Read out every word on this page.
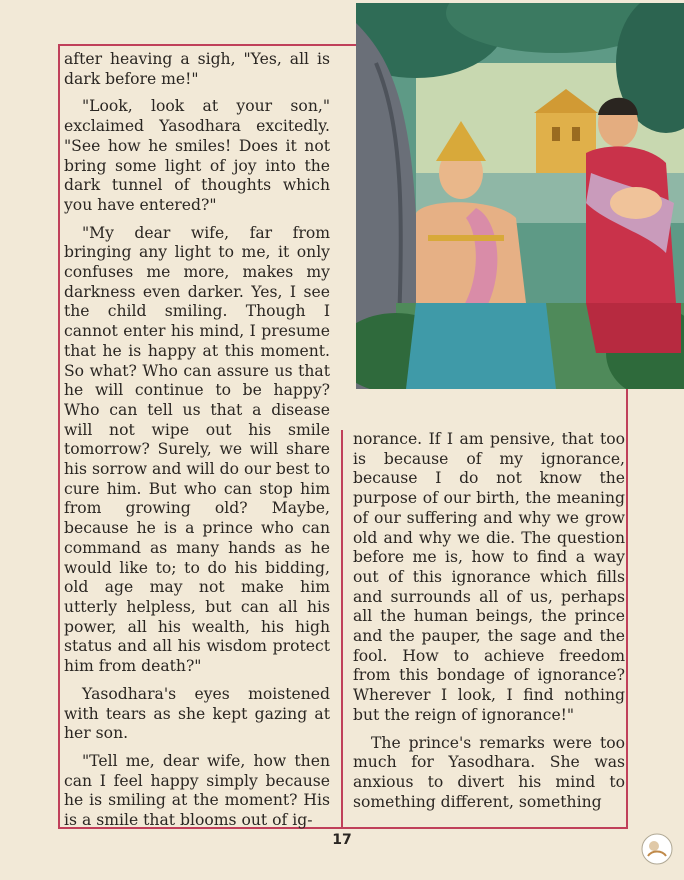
after heaving a sigh, "Yes, all is dark before me!"

"Look, look at your son," exclaimed Yasodhara excitedly. "See how he smiles! Does it not bring some light of joy into the dark tunnel of thoughts which you have entered?"

"My dear wife, far from bringing any light to me, it only confuses me more, makes my darkness even darker. Yes, I see the child smiling. Though I cannot enter his mind, I presume that he is happy at this moment. So what? Who can assure us that he will continue to be happy? Who can tell us that a disease will not wipe out his smile tomorrow? Surely, we will share his sorrow and will do our best to cure him. But who can stop him from growing old? Maybe, because he is a prince who can command as many hands as he would like to; to do his bidding, old age may not make him utterly helpless, but can all his power, all his wealth, his high status and all his wisdom protect him from death?"

Yasodhara's eyes moistened with tears as she kept gazing at her son.

"Tell me, dear wife, how then can I feel happy simply because he is smiling at the moment? His is a smile that blooms out of ig-

norance. If I am pensive, that too is because of my ignorance, because I do not know the purpose of our birth, the meaning of our suffering and why we grow old and why we die. The question before me is, how to find a way out of this ignorance which fills and surrounds all of us, perhaps all the human beings, the prince and the pauper, the sage and the fool. How to achieve freedom from this bondage of ignorance? Wherever I look, I find nothing but the reign of ignorance!"

The prince's remarks were too much for Yasodhara. She was anxious to divert his mind to something different, something

17
